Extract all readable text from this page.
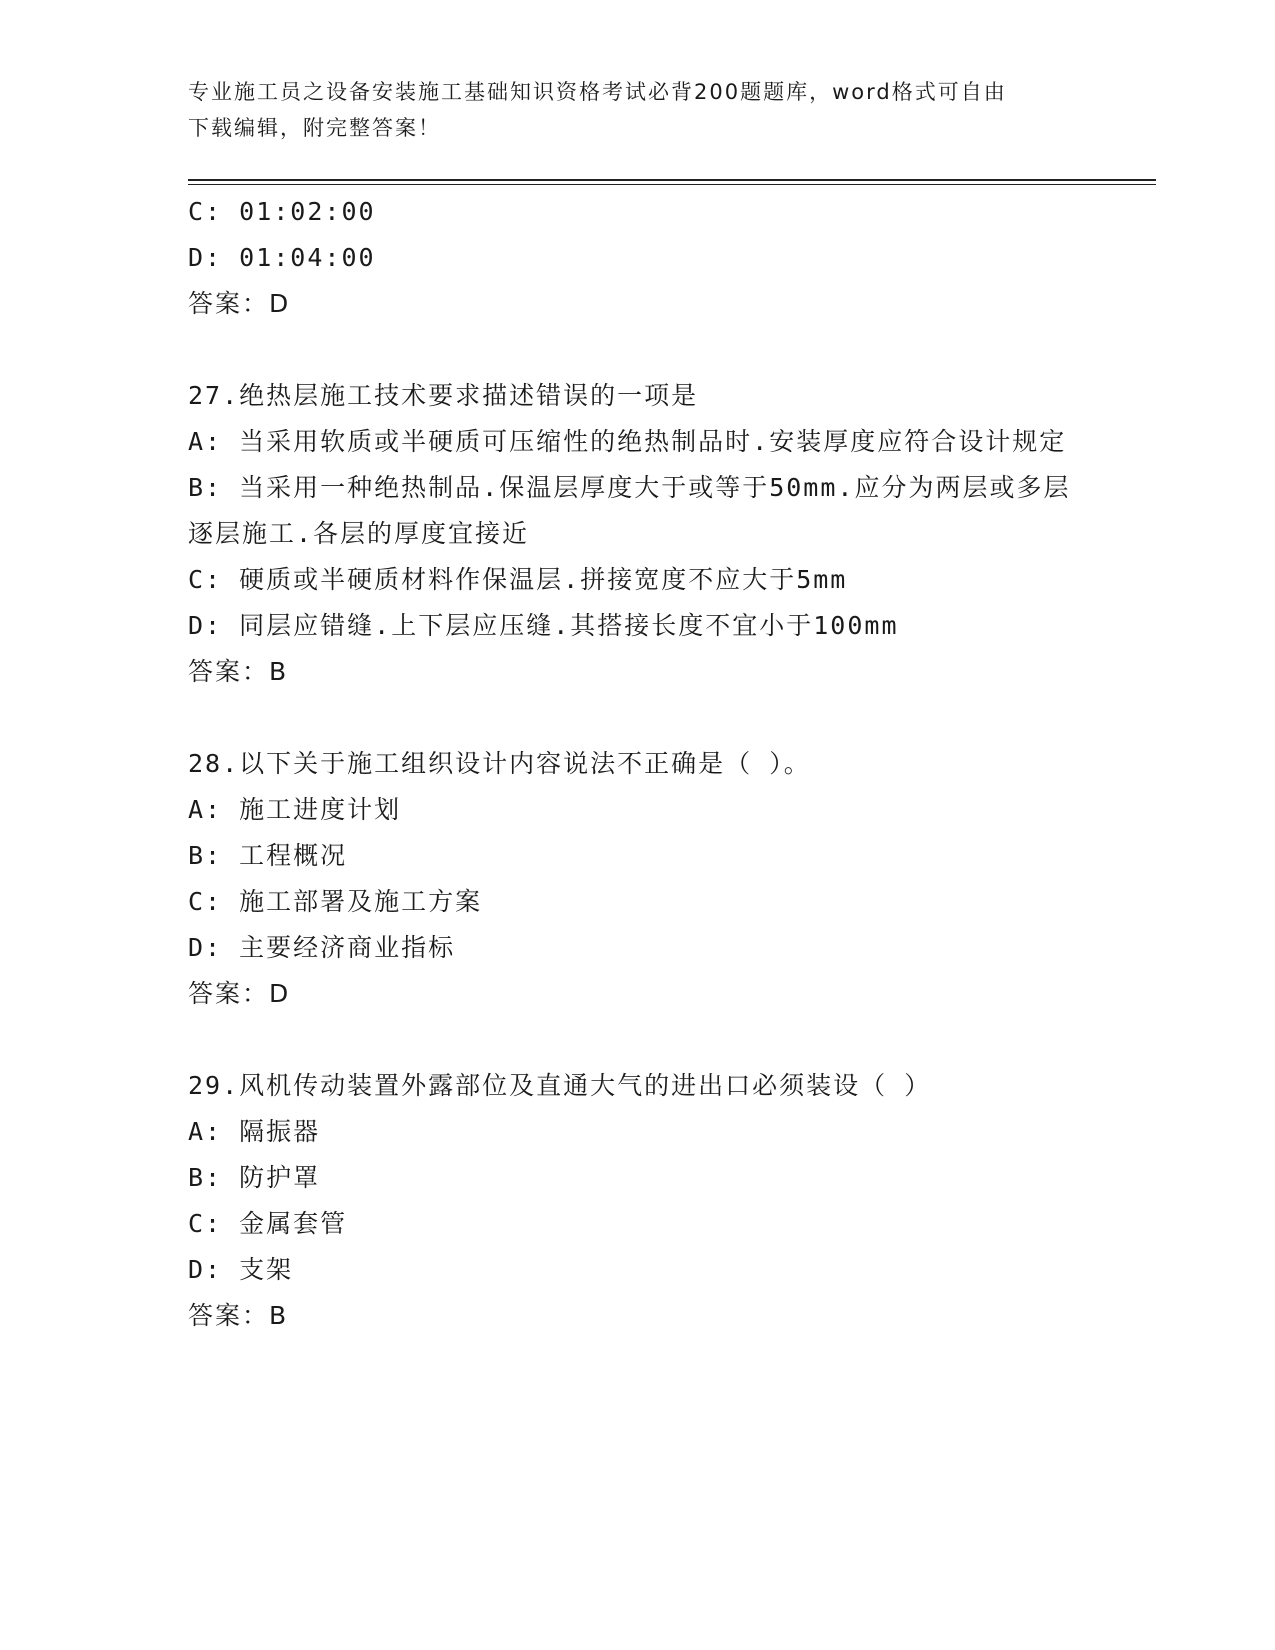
专业施工员之设备安装施工基础知识资格考试必背200题题库，word格式可自由
下载编辑，附完整答案！
C: 01:02:00
D: 01:04:00
答案：D
27.绝热层施工技术要求描述错误的一项是
A: 当采用软质或半硬质可压缩性的绝热制品时.安装厚度应符合设计规定
B: 当采用一种绝热制品.保温层厚度大于或等于50mm.应分为两层或多层逐层施工.各层的厚度宜接近
C: 硬质或半硬质材料作保温层.拼接宽度不应大于5mm
D: 同层应错缝.上下层应压缝.其搭接长度不宜小于100mm
答案：B
28.以下关于施工组织设计内容说法不正确是（ ）。
A: 施工进度计划
B: 工程概况
C: 施工部署及施工方案
D: 主要经济商业指标
答案：D
29.风机传动装置外露部位及直通大气的进出口必须装设（ ）
A: 隔振器
B: 防护罩
C: 金属套管
D: 支架
答案：B
